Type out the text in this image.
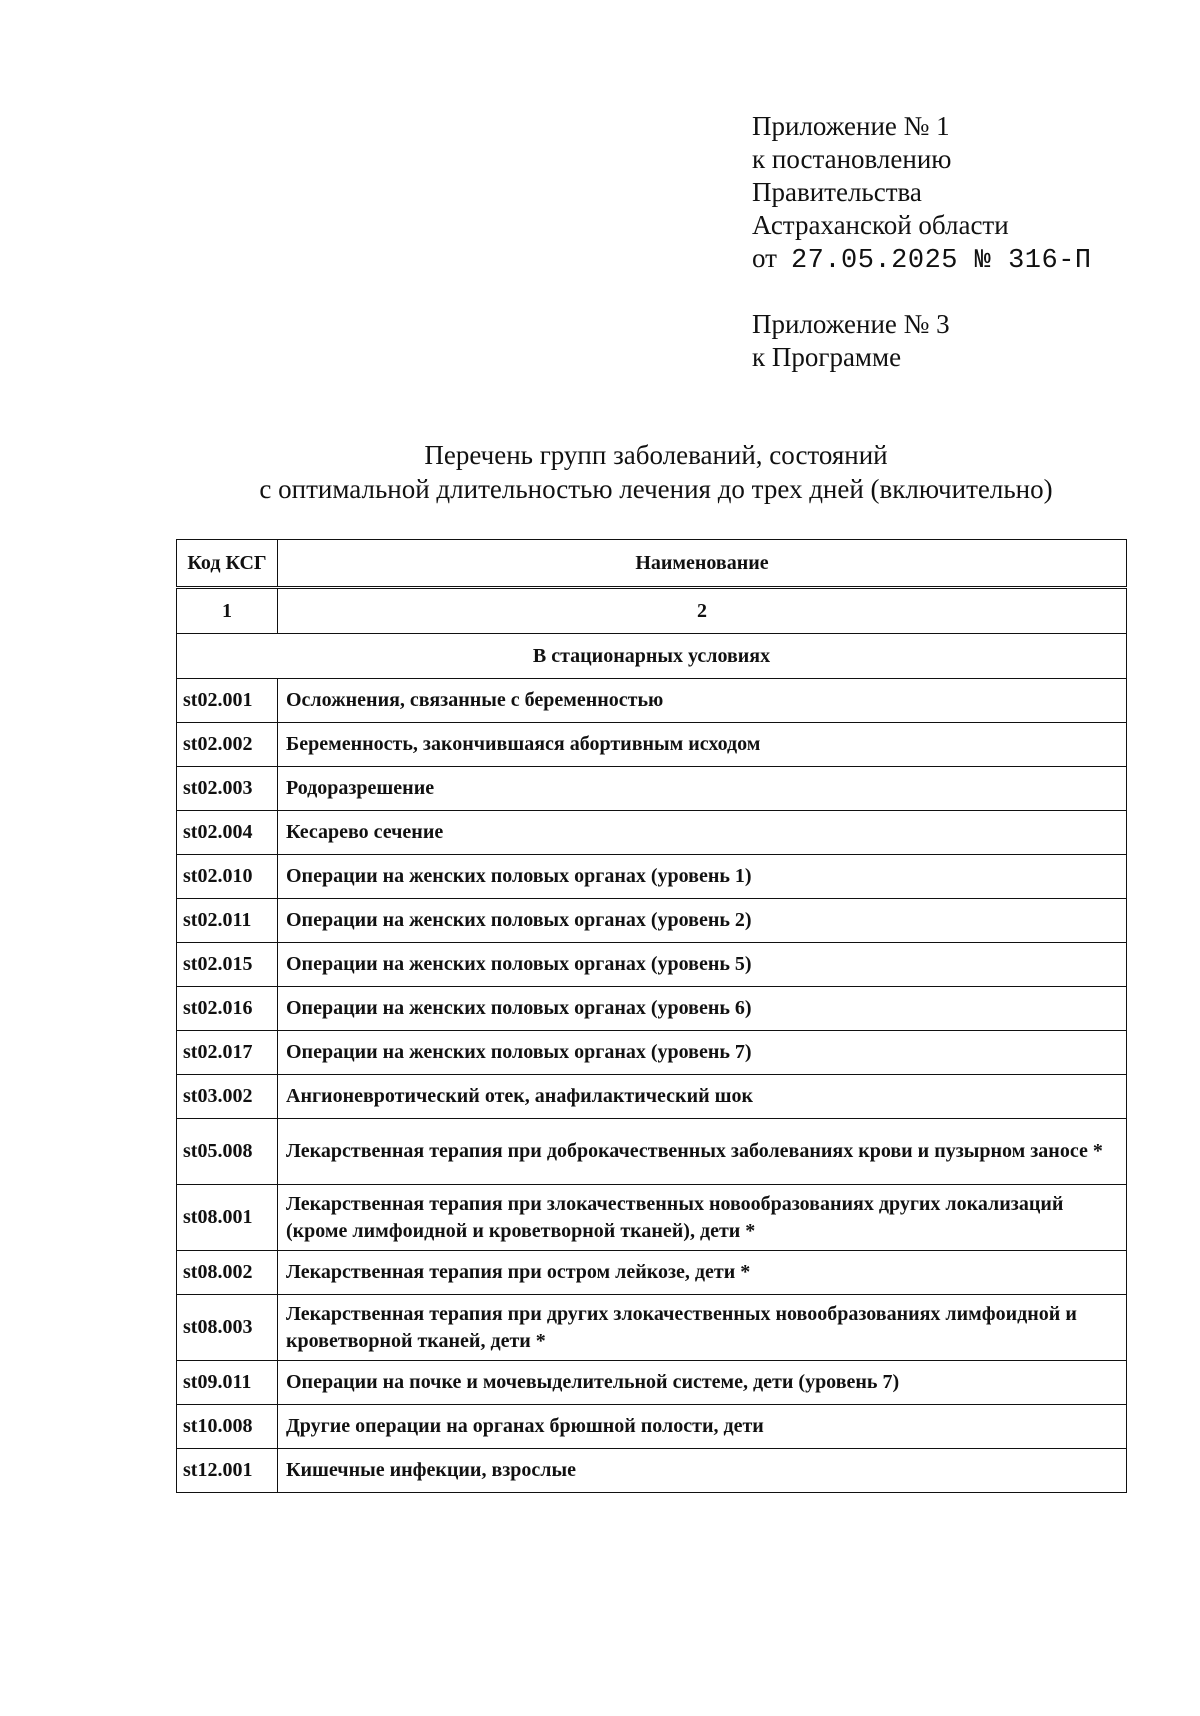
Приложение № 1
к постановлению
Правительства
Астраханской области
от 27.05.2025 № 316-П
Приложение № 3
к Программе
Перечень групп заболеваний, состояний
с оптимальной длительностью лечения до трех дней (включительно)
Код КСГ	Наименование
1	2
В стационарных условиях	
st02.001	Осложнения, связанные с беременностью
st02.002	Беременность, закончившаяся абортивным исходом
st02.003	Родоразрешение
st02.004	Кесарево сечение
st02.010	Операции на женских половых органах (уровень 1)
st02.011	Операции на женских половых органах (уровень 2)
st02.015	Операции на женских половых органах (уровень 5)
st02.016	Операции на женских половых органах (уровень 6)
st02.017	Операции на женских половых органах (уровень 7)
st03.002	Ангионевротический отек, анафилактический шок
st05.008	Лекарственная терапия при доброкачественных заболеваниях крови и пузырном заносе *
st08.001	Лекарственная терапия при злокачественных новообразованиях других локализаций (кроме лимфоидной и кроветворной тканей), дети *
st08.002	Лекарственная терапия при остром лейкозе, дети *
st08.003	Лекарственная терапия при других злокачественных новообразованиях лимфоидной и кроветворной тканей, дети *
st09.011	Операции на почке и мочевыделительной системе, дети (уровень 7)
st10.008	Другие операции на органах брюшной полости, дети
st12.001	Кишечные инфекции, взрослые
